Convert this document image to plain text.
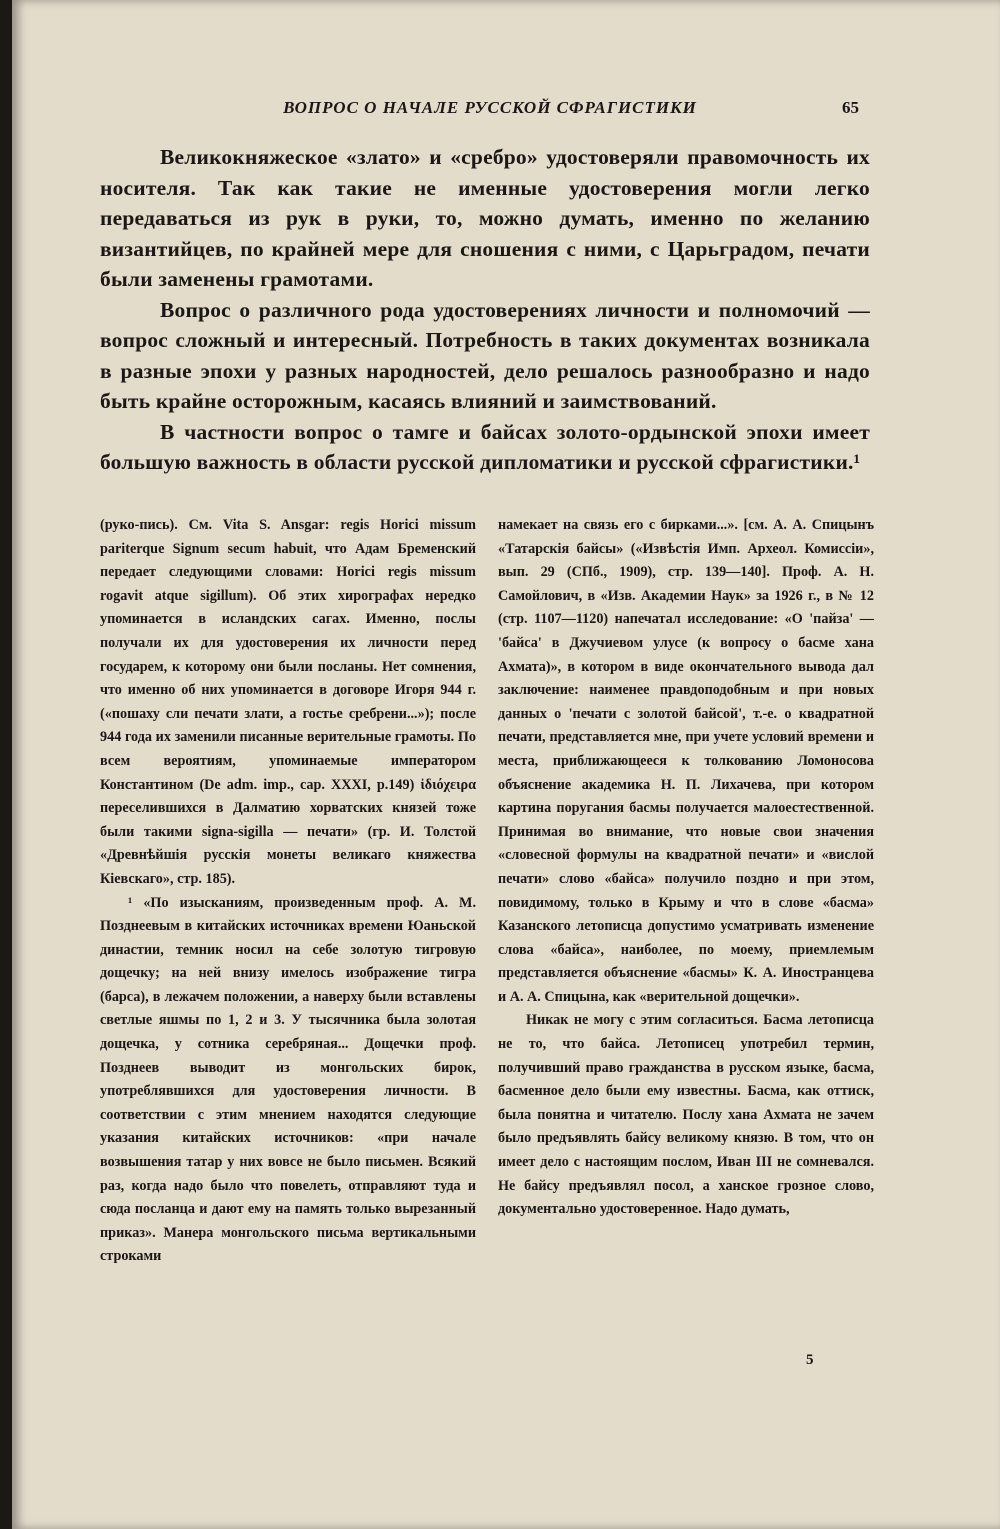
ВОПРОС О НАЧАЛЕ РУССКОЙ СФРАГИСТИКИ	65

Великокняжеское «злато» и «сребро» удостоверяли правомочность их носителя. Так как такие не именные удостоверения могли легко передаваться из рук в руки, то, можно думать, именно по желанию византийцев, по крайней мере для сношения с ними, с Царьградом, печати были заменены грамотами.

Вопрос о различного рода удостоверениях личности и полномочий — вопрос сложный и интересный. Потребность в таких документах возникала в разные эпохи у разных народностей, дело решалось разнообразно и надо быть крайне осторожным, касаясь влияний и заимствований.

В частности вопрос о тамге и байсах золото-ордынской эпохи имеет большую важность в области русской дипломатики и русской сфрагистики.¹

(руко-пись). См. Vita S. Ansgar: regis Horici missum paritеrque Signum secum habuit, что Адам Бременский передает следующими словами: Horici regis missum rogavit atque sigillum). Об этих хирографах нередко упоминается в исландских сагах. Именно, послы получали их для удостоверения их личности перед государем, к которому они были посланы. Нет сомнения, что именно об них упоминается в договоре Игоря 944 г. («пошаху сли печати злати, а гостье сребрени...»); после 944 года их заменили писанные верительные грамоты. По всем вероятиям, упоминаемые императором Константином (De adm. imp., cap. XXXI, p.149) ἰδιόχειρα переселившихся в Далматию хорватских князей тоже были такими signa-sigilla — печати» (гр. И. Толстой «Древнѣйшія русскія монеты великаго княжества Кіевскаго», стр. 185).

¹ «По изысканиям, произведенным проф. А. М. Позднеевым в китайских источниках времени Юаньской династии, темник носил на себе золотую тигровую дощечку; на ней внизу имелось изображение тигра (барса), в лежачем положении, а наверху были вставлены светлые яшмы по 1, 2 и 3. У тысячника была золотая дощечка, у сотника серебряная... Дощечки проф. Позднеев выводит из монгольских бирок, употреблявшихся для удостоверения личности. В соответствии с этим мнением находятся следующие указания китайских источников: «при начале возвышения татар у них вовсе не было письмен. Всякий раз, когда надо было что повелеть, отправляют туда и сюда посланца и дают ему на память только вырезанный приказ». Манера монгольского письма вертикальными строками

намекает на связь его с бирками...». [см. А. А. Спицынъ «Татарскія байсы» («Извѣстія Имп. Археол. Комиссіи», вып. 29 (СПб., 1909), стр. 139—140]. Проф. А. Н. Самойлович, в «Изв. Академии Наук» за 1926 г., в № 12 (стр. 1107—1120) напечатал исследование: «О 'пайза' — 'байса' в Джучиевом улусе (к вопросу о басме хана Ахмата)», в котором в виде окончательного вывода дал заключение: наименее правдоподобным и при новых данных о 'печати с золотой байсой', т.-е. о квадратной печати, представляется мне, при учете условий времени и места, приближающееся к толкованию Ломоносова объяснение академика Н. П. Лихачева, при котором картина поругания басмы получается малоестественной. Принимая во внимание, что новые свои значения «словесной формулы на квадратной печати» и «вислой печати» слово «байса» получило поздно и при этом, повидимому, только в Крыму и что в слове «басма» Казанского летописца допустимо усматривать изменение слова «байса», наиболее, по моему, приемлемым представляется объяснение «басмы» К. А. Иностранцева и А. А. Спицына, как «верительной дощечки».

Никак не могу с этим согласиться. Басма летописца не то, что байса. Летописец употребил термин, получивший право гражданства в русском языке, басма, басменное дело были ему известны. Басма, как оттиск, была понятна и читателю. Послу хана Ахмата не зачем было предъявлять байсу великому князю. В том, что он имеет дело с настоящим послом, Иван III не сомневался. Не байсу предъявлял посол, а ханское грозное слово, документально удостоверенное. Надо думать,

5
